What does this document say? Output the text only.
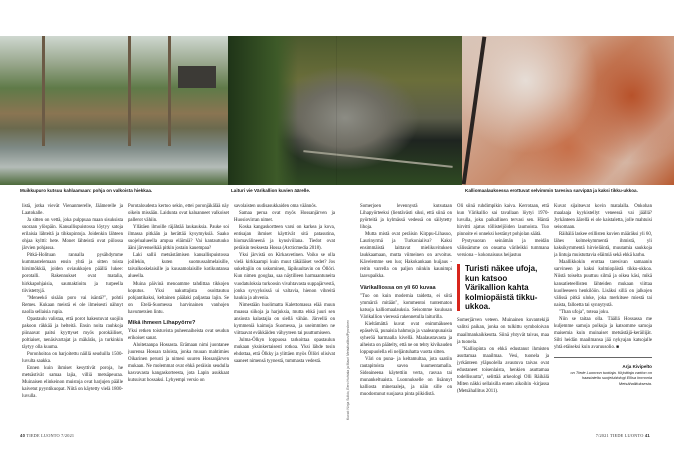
Muikkupuro kutsuu kahlaamaan: pohja on valkoista hiekkaa.	Laituri vie Värikallion kuvien äärelle.	Kalliomaalauksessa erottuvat selvimmin taresiva sarvipää ja kaksi tikku-ukkoa.

listä, jotka vievät Vienanmerelle, Jäämerelle ja Laatokalle.

Ja sitten on vettä, joka pulppuaa maan sisuksista suoraan ylöspäin. Kansallispuistossa löytyy satoja erilaisia lähteitä ja tihkupintoja. Joidenkin lähteen ohjaa kyltti: hete. Monet lähteistä ovat piilossa järvien pohjassa.

Pitkä-Holituan rannalla pysähdymme kummastelemaan ensin yhtä ja sitten toista hirsimökkiä, joiden oviaukkojen päällä lukee: porotalli. Rakennukset ovat matalia, hirkkapohjaisia, saumaktioitu ja turpeella tiivistettyjä.

"Meneekö sisään poro vai isäntä?", pohtii Remes. Kukaan meistä ei ole ilmeisesti nähnyt naolla sellaisia rupia.

Opastaulu valistaa, että porot hakeutuvat suojiin pakoon räkkää ja helteitä. Ensin noita rauhkoja piinaavat paitsi kyyttyset myös porokäiliset, poltiaiset, nenäsivartajat ja mäkäräs, ja turkinkin täytyy olla kuuma.

Poronhoitoa on harjoitettu näillä seuduilla 1500-luvulta saakka.

Ennen kuin ihmiset kesyttivät poroja, he metsästivät samaa lajia, villiä metsäpeuraa. Muinaisen elinkeinon muistoja ovat harjujen päälle kaivetut pyyntikuopat. Niitä on käytetty vielä 1800-luvulla.

Porotaloudesta kertoo sekin, ettei poronjäkälää näy oikein missään. Laidunta ovat kaluanneet valkoiset pallerot vähiin.

Yllätäen ilmoille räjähtää laukauksia. Pauke soi ilmassa pitkään ja herättää kysymyksiä. Saako suojelualueella ampua eläimiä? Vai kantautuuko ääni järvenselkää pitkin jostain kauempaa?

Laki sallii metsästämisen kansallispuistossa joillekin, kuten suomussalmelaisille, taivalkoskelaisille ja kuusamolaisille kotikuntansa alueella.

Muina päivinä menoamme tahdittaa tikkojen koputus. Yksi nakuttajista osoittautuu pohjantikaksi, keltainen päälaki paljastaa lajin. Se on Etelä-Suomessa harvinainen vanhojen havumetsien lintu.

Mikä ihmeen Lihapyörre?

Yksi retken toistuvista puheenaiheista ovat seudun erikoiset sanat.

Aloitetaanpa Hossasta. Erämaan nimi juontanee juurensa Hossan taloista, jonka muuan mahtimies Oikarinen perusti ja nimesi suuren Hossanjärven mukaan. Ne molemmat ovat ehkä peräisin seudulla kasvavasta kangaskorteesta, jota Lapin asukkaat kutsuivat hossaksi. Lyhyempi versio on

savolaisten uudisasukkaiden oma väännös.

Samaa perua ovat myös Hossanjärven ja Huosiovirran nimet.

Koska kangaskortteen varsi on karkea ja kova, entisajan ihmiset käyttivät sitä patasutina, hiomavälineenä ja kynsiviilana. Tiedot ovat peräisin teoksesta Hossa (Arcticmedia 2018).

Yksi järvistä on Kirkasvetinen. Voiko se olla vielä kirkkaampi kuin muut täkäläiset vedet? Jos sukeltajiin on uskominen, läpikuultavin on Öllöri. Kun nimen googlaa, saa näytilleen harmaantuneita vuodatuloksia turkoosin vivahtavasta suppajärvestä, jonka syvyyksissä ui valtavia, hienon vihreitä haukia ja ahvenia.

Nimestään huolimatta Kalettomassa elää muun muassa siikoja ja harjuksia, mutta ehkä juuri sen ansiosta kalastajia on siellä vähän. Järvellä on kymmeniä kaimoja Suomessa, ja useimmiten ne viittaavat eväkkäiden vähyyteen tai puuttumiseen.

Julma-Ölkyn loppuosa tarkoittaa opastaulun mukaan yksinkertaisesti rotkoa. Yksi lähde tosin ehdottaa, että Ölkky ja ylittäen myös Öllöri olisivat saaneet nimensä tyynestä, tummasta vedestä.

Somerjoen levennystä kutsutaan Lihapyörteeksi (lientävästi siksi, että siinä on pyörteitä ja kylmässä vedessä on säilytetty lihoja.

Mutta mistä ovat peräisin Kirppu-Lihasuo, Laurinyrmä ja Turkoniaiiva? Kaksi ensimmäistä laittavat mielikuvituksen laukkaamaan, mutta viimeinen on arvoitus. Kävelemme sen luo; Hakokankaan huijaus -reitin varrella on paljon niinkin kaunimpi laavupaikka.

Värikalliossa on yli 60 kuvaa

"Tuo on kuin modernia taidetta, ei siitä ymmärrä mitään", kommentoi tuntematon katsoja kalliomaalauksia. Seisomme kuulusan Värikallion vieressä rakennetulla laiturilla.

Kieltämättä kuvat ovat enimmäkseen epäselviä, punaisia hahmoja ja vaaleanpunaisia syheröä harmaalla kivellä. Maalaustavasta ja aiheista on päätelty, että ne on tehty kivikauden loppupuolella eli neljäntuhatta vuotta sitten.

Väri on puna- ja keltamultaa, jota saatiin rautapitoista savea kuumentamalla. Sideaineena käytettiin verta, rasvaa tai munankeltuaista. Luonnukselle on lisännyt kalliosta mineraaleja, ja näin sille on muodostunut suojaava pinta piikidistä.

Oli siinä ruhdimpikin kaiva. Kerrotaan, että kun Värikallio sai tavallaan löytyi 1970-luvulla, joku paikallinen tervasi sen. Häntä hirvitti ajatus töllisteljöiden laumoista. Tuo pinnoite ei onneksi kestänyt pohjolan säätä.

Pystysuoran seinämän ja meidän välissämme on onsama värileikki tummana versiona – kokonaisuus heijastuu

Turisti näkee ufoja, kun katsoo Värikallion kahta kolmiopäistä tikku-ukkoa.

Somerjärven veteen. Muinainen kuvantekijä valitsi paikan, jonka on tulkittu symboloivan maailmankaikkeutta. Siinä yhtyvät taivas, maa ja tuonela.

"Kalliopinta on ehkä edustanut ihmisten asuttamaa maailmaa. Vesi, tuonela ja jyrkänteen yläpuolella avautuva taivas ovat edustaneet toisenlaista, henkien asuttamaa todellisuutta", selittää arkeologi Olli Räihälä Miten näkki sellaisilla ennen aikoihin -kirjassa (Metsähallitus 2011).

Kuvat sijaitsevat kovin matalalla. Onkohan maalaaja kyykistellyt veneessä vai jäällä? Jyrkänteen äärellä ei ole kaistaletta, jolle mahtuisi seisomaan.

Räihälä laskee erillisten kuvien määräksi yli 60, lähes kolmekymmentä ihmistä, yli kaksikymmentä hirvieläintä, muutamia saukkoja ja lintuja muistuttavia eläimiä sekä ehkä karhu.

Maallikkokin erottaa taresivan samaanin sarvineen ja kaksi kolmiopäistä tikku-ukkoa. Niistä toiselta puuttuu silmä ja oikea käsi, mikä kansatieteellisten lähteiden mukaan viittaa kuolleeseen henkilöön. Lisäksi sillä on jalkojen välissä pitkä uloke, joka merkitsee miestä tai naista, falloetta tai synnytystä.

"Than ufoja", toteaa joku.

Niin se taitaa olla. Täällä Hossassa me kuljemme samoja polkuja ja katsomme samoja maisemia kuin muinaiset metsästäjä-keräilijät. Silti heidän maailmansa jää nykyajan katsojalle yhtä etäiseksi kuin avaruusolio. ■

Arja Kivipelto
on Tiede Luonnon tuottaja. Kirjoittaja vartion on haastateltu suojelubiologi Eliisa Immonia Metsähallituksesta.
Kuvat: Ninja Sulkio, Eero Huhtala ja Mauri Metsähallitus/Pynnönen
40 TIEDE LUONTO 7/2021	7/2021 TIEDE LUONTO 41
